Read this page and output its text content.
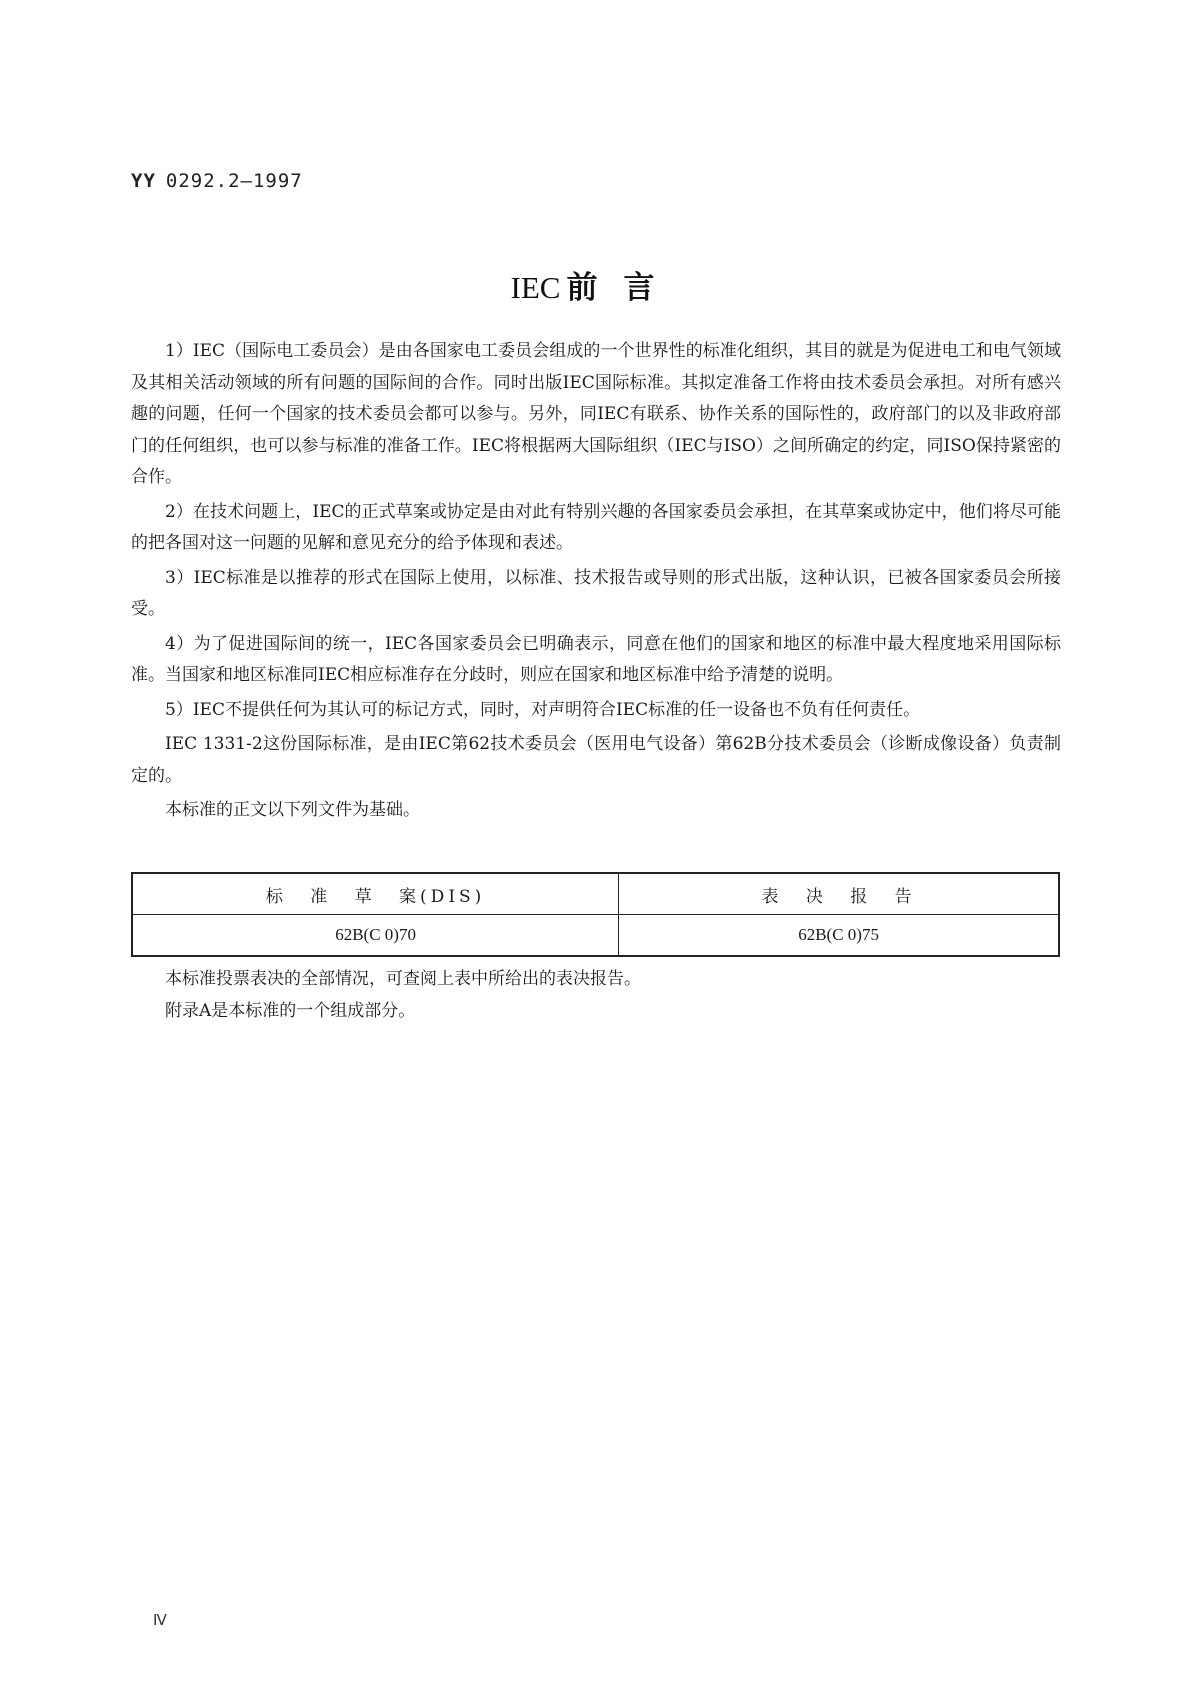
YY 0292.2—1997
IEC 前言

1）IEC（国际电工委员会）是由各国家电工委员会组成的一个世界性的标准化组织，其目的就是为促进电工和电气领域及其相关活动领域的所有问题的国际间的合作。同时出版IEC国际标准。其拟定准备工作将由技术委员会承担。对所有感兴趣的问题，任何一个国家的技术委员会都可以参与。另外，同IEC有联系、协作关系的国际性的，政府部门的以及非政府部门的任何组织，也可以参与标准的准备工作。IEC将根据两大国际组织（IEC与ISO）之间所确定的约定，同ISO保持紧密的合作。

2）在技术问题上，IEC的正式草案或协定是由对此有特别兴趣的各国家委员会承担，在其草案或协定中，他们将尽可能的把各国对这一问题的见解和意见充分的给予体现和表述。

3）IEC标准是以推荐的形式在国际上使用，以标准、技术报告或导则的形式出版，这种认识，已被各国家委员会所接受。

4）为了促进国际间的统一，IEC各国家委员会已明确表示，同意在他们的国家和地区的标准中最大程度地采用国际标准。当国家和地区标准同IEC相应标准存在分歧时，则应在国家和地区标准中给予清楚的说明。

5）IEC不提供任何为其认可的标记方式，同时，对声明符合IEC标准的任一设备也不负有任何责任。

IEC 1331-2这份国际标准，是由IEC第62技术委员会（医用电气设备）第62B分技术委员会（诊断成像设备）负责制定的。

本标准的正文以下列文件为基础。

标 准 草 案(DIS)	表 决 报 告
62B(C 0)70	62B(C 0)75

本标准投票表决的全部情况，可查阅上表中所给出的表决报告。

附录A是本标准的一个组成部分。

Ⅳ
